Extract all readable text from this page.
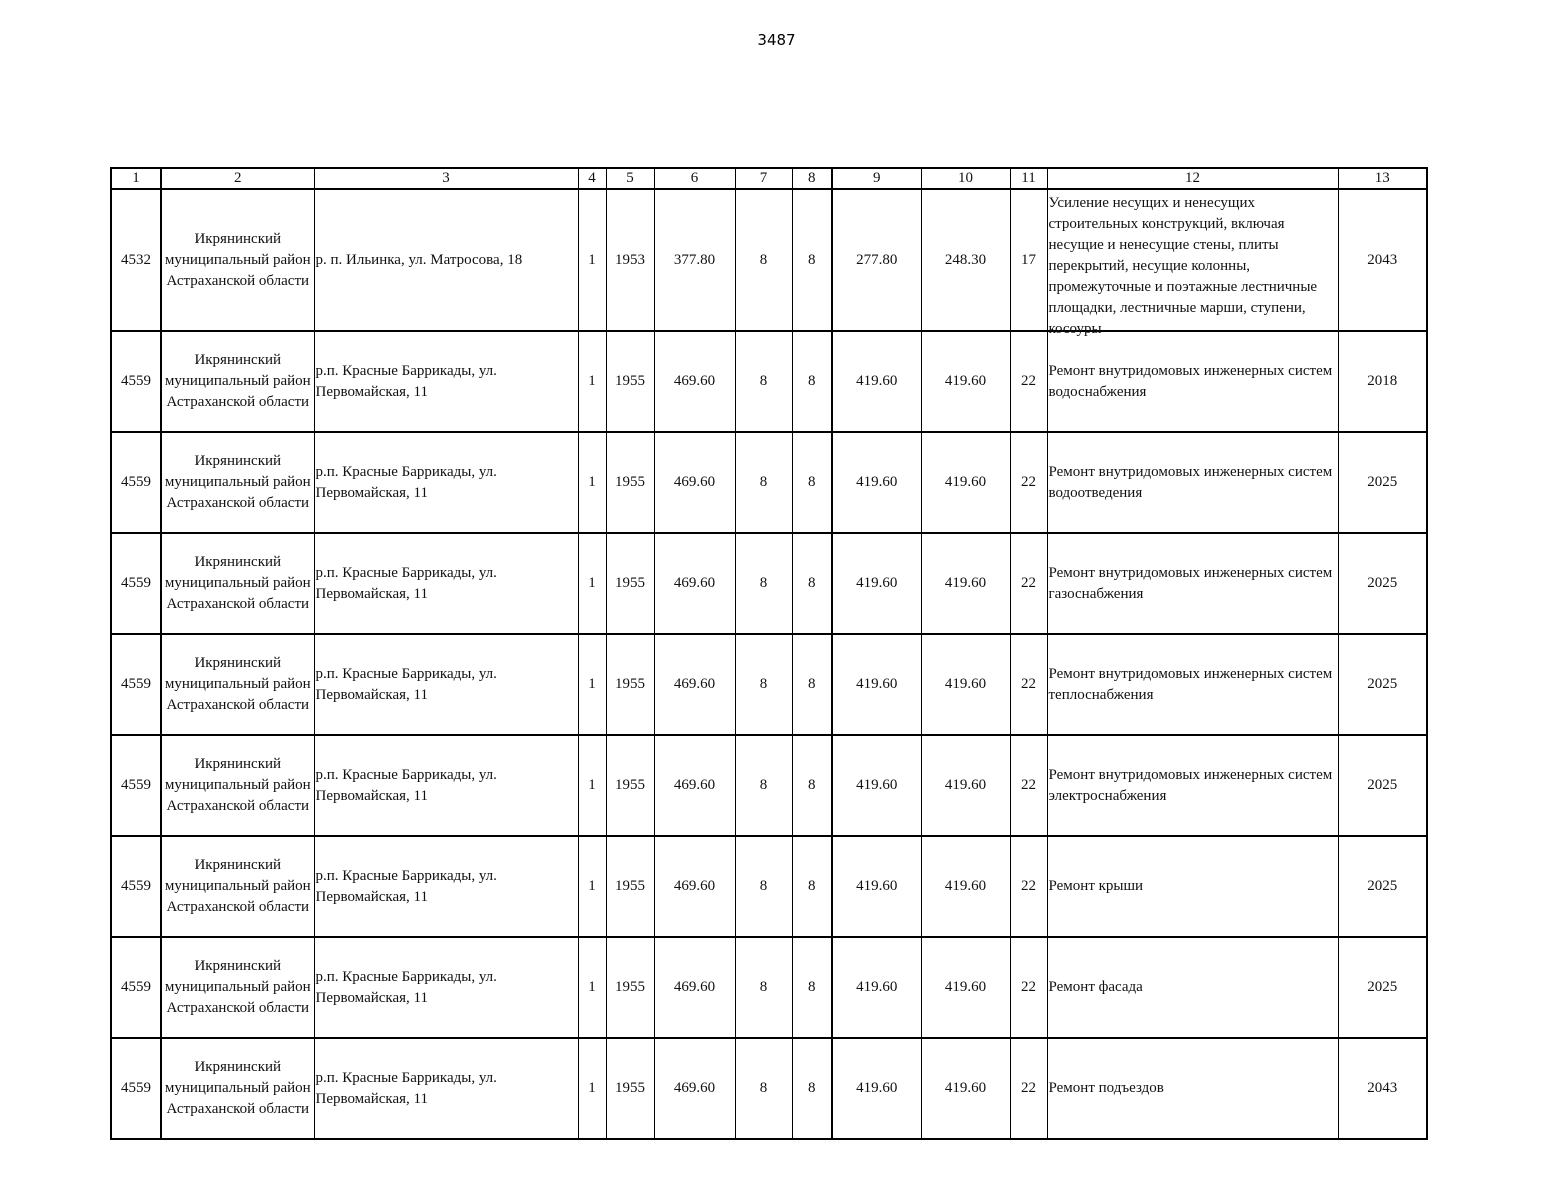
3487
1	2	3	4	5	6	7	8	9	10	11	12	13
4532	Икрянинский муниципальный район Астраханской области	р. п. Ильинка, ул. Матросова, 18	1	1953	377.80	8	8	277.80	248.30	17	Усиление несущих и ненесущих строительных конструкций, включая несущие и ненесущие стены, плиты перекрытий, несущие колонны, промежуточные и поэтажные лестничные площадки, лестничные марши, ступени, косоуры	2043
4559	Икрянинский муниципальный район Астраханской области	р.п. Красные Баррикады, ул. Первомайская, 11	1	1955	469.60	8	8	419.60	419.60	22	Ремонт внутридомовых инженерных систем водоснабжения	2018
4559	Икрянинский муниципальный район Астраханской области	р.п. Красные Баррикады, ул. Первомайская, 11	1	1955	469.60	8	8	419.60	419.60	22	Ремонт внутридомовых инженерных систем водоотведения	2025
4559	Икрянинский муниципальный район Астраханской области	р.п. Красные Баррикады, ул. Первомайская, 11	1	1955	469.60	8	8	419.60	419.60	22	Ремонт внутридомовых инженерных систем газоснабжения	2025
4559	Икрянинский муниципальный район Астраханской области	р.п. Красные Баррикады, ул. Первомайская, 11	1	1955	469.60	8	8	419.60	419.60	22	Ремонт внутридомовых инженерных систем теплоснабжения	2025
4559	Икрянинский муниципальный район Астраханской области	р.п. Красные Баррикады, ул. Первомайская, 11	1	1955	469.60	8	8	419.60	419.60	22	Ремонт внутридомовых инженерных систем электроснабжения	2025
4559	Икрянинский муниципальный район Астраханской области	р.п. Красные Баррикады, ул. Первомайская, 11	1	1955	469.60	8	8	419.60	419.60	22	Ремонт крыши	2025
4559	Икрянинский муниципальный район Астраханской области	р.п. Красные Баррикады, ул. Первомайская, 11	1	1955	469.60	8	8	419.60	419.60	22	Ремонт фасада	2025
4559	Икрянинский муниципальный район Астраханской области	р.п. Красные Баррикады, ул. Первомайская, 11	1	1955	469.60	8	8	419.60	419.60	22	Ремонт подъездов	2043
